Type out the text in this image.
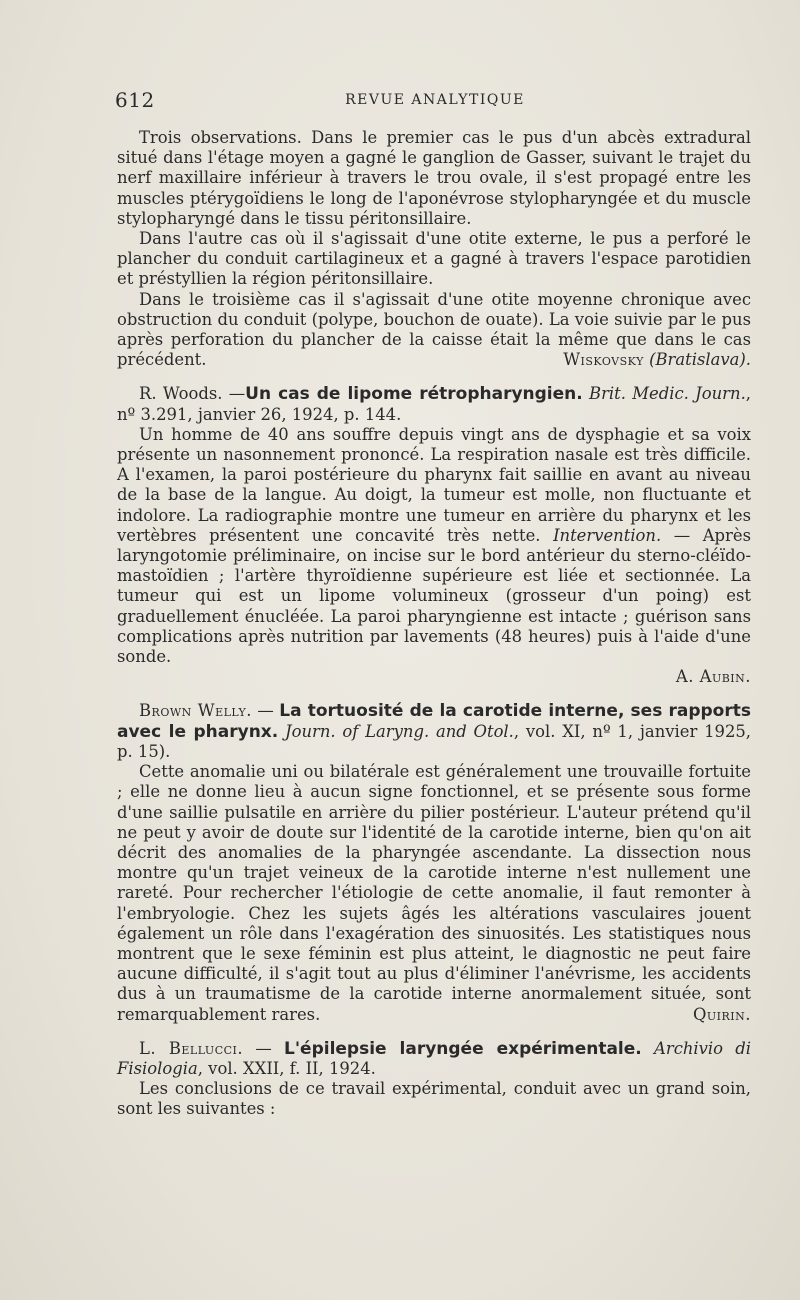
612	REVUE ANALYTIQUE

Trois observations. Dans le premier cas le pus d'un abcès extradural situé dans l'étage moyen a gagné le ganglion de Gasser, suivant le trajet du nerf maxillaire inférieur à travers le trou ovale, il s'est propagé entre les muscles ptérygoïdiens le long de l'aponévrose stylopharyngée et du muscle stylopharyngé dans le tissu péritonsillaire.

Dans l'autre cas où il s'agissait d'une otite externe, le pus a perforé le plancher du conduit cartilagineux et a gagné à travers l'espace parotidien et préstyllien la région péritonsillaire.

Dans le troisième cas il s'agissait d'une otite moyenne chronique avec obstruction du conduit (polype, bouchon de ouate). La voie suivie par le pus après perforation du plancher de la caisse était la même que dans le cas précédent.	Wiskovsky (Bratislava).

R. Woods. —Un cas de lipome rétropharyngien. Brit. Medic. Journ., nº 3.291, janvier 26, 1924, p. 144.

Un homme de 40 ans souffre depuis vingt ans de dysphagie et sa voix présente un nasonnement prononcé. La respiration nasale est très difficile. A l'examen, la paroi postérieure du pharynx fait saillie en avant au niveau de la base de la langue. Au doigt, la tumeur est molle, non fluctuante et indolore. La radiographie montre une tumeur en arrière du pharynx et les vertèbres présentent une concavité très nette. Intervention. — Après laryngotomie préliminaire, on incise sur le bord antérieur du sterno-cléïdo-mastoïdien ; l'artère thyroïdienne supérieure est liée et sectionnée. La tumeur qui est un lipome volumineux (grosseur d'un poing) est graduellement énucléée. La paroi pharyngienne est intacte ; guérison sans complications après nutrition par lavements (48 heures) puis à l'aide d'une sonde.

A. Aubin.

Brown Welly. — La tortuosité de la carotide interne, ses rapports avec le pharynx. Journ. of Laryng. and Otol., vol. XI, nº 1, janvier 1925, p. 15).

Cette anomalie uni ou bilatérale est généralement une trouvaille fortuite ; elle ne donne lieu à aucun signe fonctionnel, et se présente sous forme d'une saillie pulsatile en arrière du pilier postérieur. L'auteur prétend qu'il ne peut y avoir de doute sur l'identité de la carotide interne, bien qu'on ait décrit des anomalies de la pharyngée ascendante. La dissection nous montre qu'un trajet veineux de la carotide interne n'est nullement une rareté. Pour rechercher l'étiologie de cette anomalie, il faut remonter à l'embryologie. Chez les sujets âgés les altérations vasculaires jouent également un rôle dans l'exagération des sinuosités. Les statistiques nous montrent que le sexe féminin est plus atteint, le diagnostic ne peut faire aucune difficulté, il s'agit tout au plus d'éliminer l'anévrisme, les accidents dus à un traumatisme de la carotide interne anormalement située, sont remarquablement rares.	Quirin.

L. Bellucci. — L'épilepsie laryngée expérimentale. Archivio di Fisiologia, vol. XXII, f. II, 1924.

Les conclusions de ce travail expérimental, conduit avec un grand soin, sont les suivantes :
